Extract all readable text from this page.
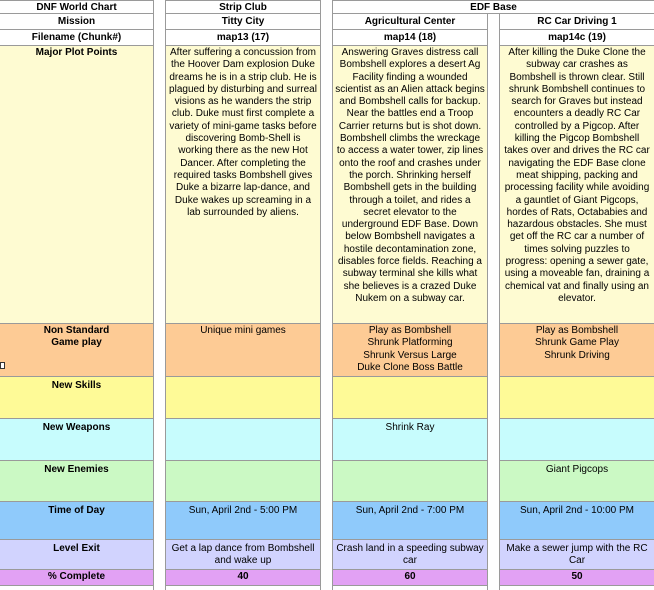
DNF World Chart
Mission
Filename (Chunk#)
Major Plot Points
Non Standard
Game play
New Skills
New Weapons
New Enemies
Time of Day
Level Exit
% Complete
Strip Club
Titty City
map13 (17)
After suffering a concussion from the Hoover Dam explosion Duke dreams he is in a strip club. He is plagued by disturbing and surreal visions as he wanders the strip club. Duke must first complete a variety of mini-game tasks before discovering Bomb-Shell is working there as the new Hot Dancer. After completing the required tasks Bombshell gives Duke a bizarre lap-dance, and Duke wakes up screaming in a lab surrounded by aliens.
Unique mini games
Sun, April 2nd - 5:00 PM
Get a lap dance from Bombshell and wake up
40
EDF Base
Agricultural Center
map14 (18)
Answering Graves distress call Bombshell explores a desert Ag Facility finding a wounded scientist as an Alien attack begins and Bombshell calls for backup. Near the battles end a Troop Carrier returns but is shot down. Bombshell climbs the wreckage to access a water tower, zip lines onto the roof and crashes under the porch. Shrinking herself Bombshell gets in the building through a toilet, and rides a secret elevator to the underground EDF Base. Down below Bombshell navigates a hostile decontamination zone, disables force fields. Reaching a subway terminal she kills what she believes is a crazed Duke Nukem on a subway car.
Play as Bombshell
Shrunk Platforming
Shrunk Versus Large
Duke Clone Boss Battle
Shrink Ray
Sun, April 2nd - 7:00 PM
Crash land in a speeding subway car
60
RC Car Driving 1
map14c (19)
After killing the Duke Clone the subway car crashes as Bombshell is thrown clear. Still shrunk Bombshell continues to search for Graves but instead encounters a deadly RC Car controlled by a Pigcop. After killing the Pigcop Bombshell takes over and drives the RC car navigating the EDF Base clone meat shipping, packing and processing facility while avoiding a gauntlet of Giant Pigcops, hordes of Rats, Octababies and hazardous obstacles. She must get off the RC car a number of times solving puzzles to progress: opening a sewer gate, using a moveable fan, draining a chemical vat and finally using an elevator.
Play as Bombshell
Shrunk Game Play
Shrunk Driving
Giant Pigcops
Sun, April 2nd - 10:00 PM
Make a sewer jump with the RC Car
50
